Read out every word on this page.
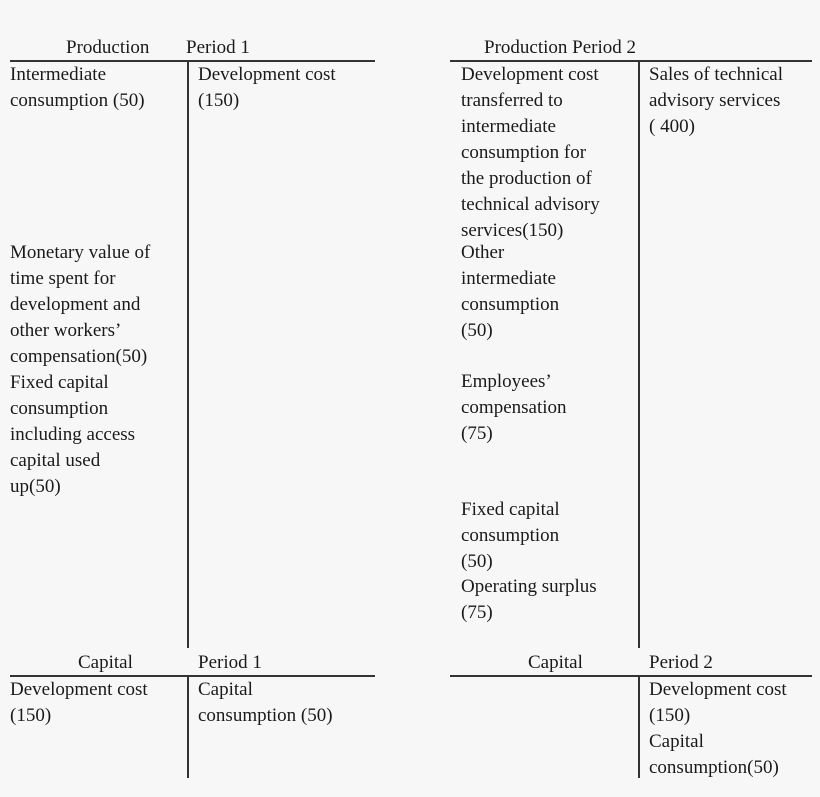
Production Period 1
Intermediate
consumption (50)
Monetary value of
time spent for
development and
other workers’
compensation(50)
Fixed capital
consumption
including access
capital used
up(50)
Development cost
(150)
Production Period 2
Development cost
transferred to
intermediate
consumption for
the production of
technical advisory
services(150)
Other
intermediate
consumption
(50)
Employees’
compensation
(75)
Fixed capital
consumption
(50)
Operating surplus
(75)
Sales of technical
advisory services
( 400)
Capital	Period 1
Development cost
(150)
Capital
consumption (50)
Capital	Period 2
Development cost
(150)
Capital
consumption(50)
